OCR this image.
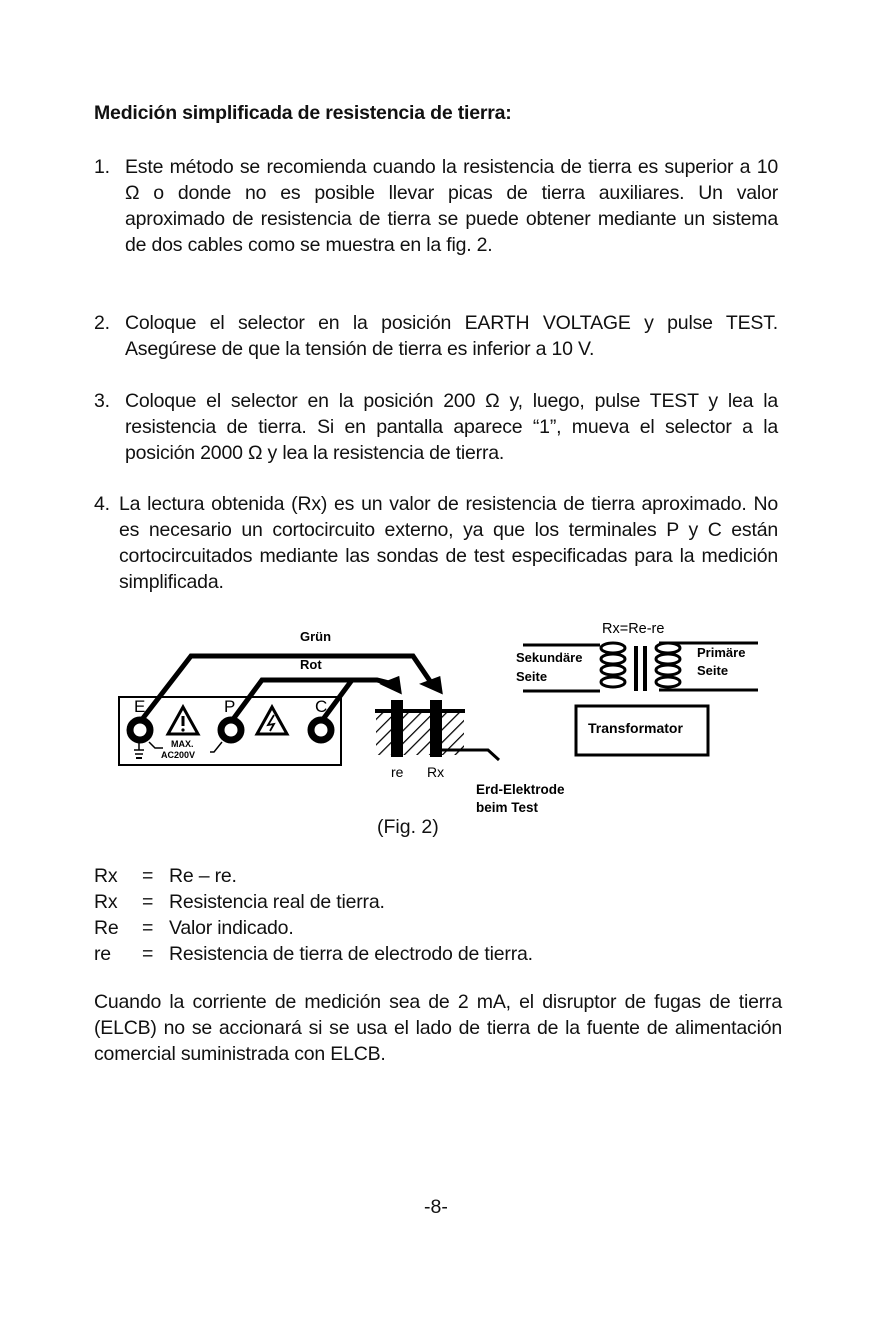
Medición simplificada de resistencia de tierra:
1. Este método se recomienda cuando la resistencia de tierra es superior a 10 Ω o donde no es posible llevar picas de tierra auxiliares. Un valor aproximado de resistencia de tierra se puede obtener mediante un sistema de dos cables como se muestra en la fig. 2.
2. Coloque el selector en la posición EARTH VOLTAGE y pulse TEST. Asegúrese de que la tensión de tierra es inferior a 10 V.
3. Coloque el selector en la posición 200 Ω y, luego, pulse TEST y lea la resistencia de tierra. Si en pantalla aparece “1”, mueva el selector a la posición 2000 Ω y lea la resistencia de tierra.
4. La lectura obtenida (Rx) es un valor de resistencia de tierra aproximado. No es necesario un cortocircuito externo, ya que los terminales P y C están cortocircuitados mediante las sondas de test especificadas para la medición simplificada.
E	P	C
MAX.
AC200V
Grün
Rot
re Rx
Erd-Elektrode
beim Test
Rx=Re-re
Sekundäre
Seite
Primäre
Seite
Transformator
(Fig. 2)
Rx = Re – re.
Rx = Resistencia real de tierra.
Re = Valor indicado.
re = Resistencia de tierra de electrodo de tierra.
Cuando la corriente de medición sea de 2 mA, el disruptor de fugas de tierra (ELCB) no se accionará si se usa el lado de tierra de la fuente de alimentación comercial suministrada con ELCB.
-8-
